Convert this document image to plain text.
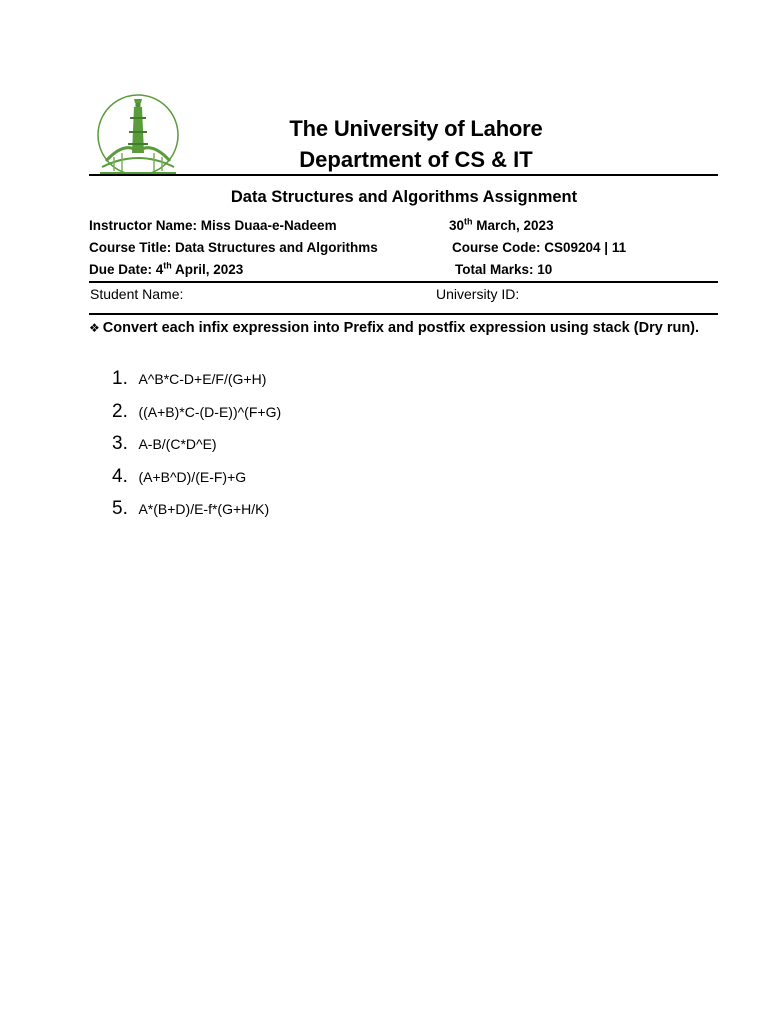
The University of Lahore
Department of CS & IT
Data Structures and Algorithms Assignment
Instructor Name: Miss Duaa-e-Nadeem	30th March, 2023
Course Title: Data Structures and Algorithms	Course Code: CS09204 | 11
Due Date: 4th April, 2023	Total Marks: 10
Student Name:	University ID:
❖ Convert each infix expression into Prefix and postfix expression using stack (Dry run).
1. A^B*C-D+E/F/(G+H)
2. ((A+B)*C-(D-E))^(F+G)
3. A-B/(C*D^E)
4. (A+B^D)/(E-F)+G
5. A*(B+D)/E-f*(G+H/K)
